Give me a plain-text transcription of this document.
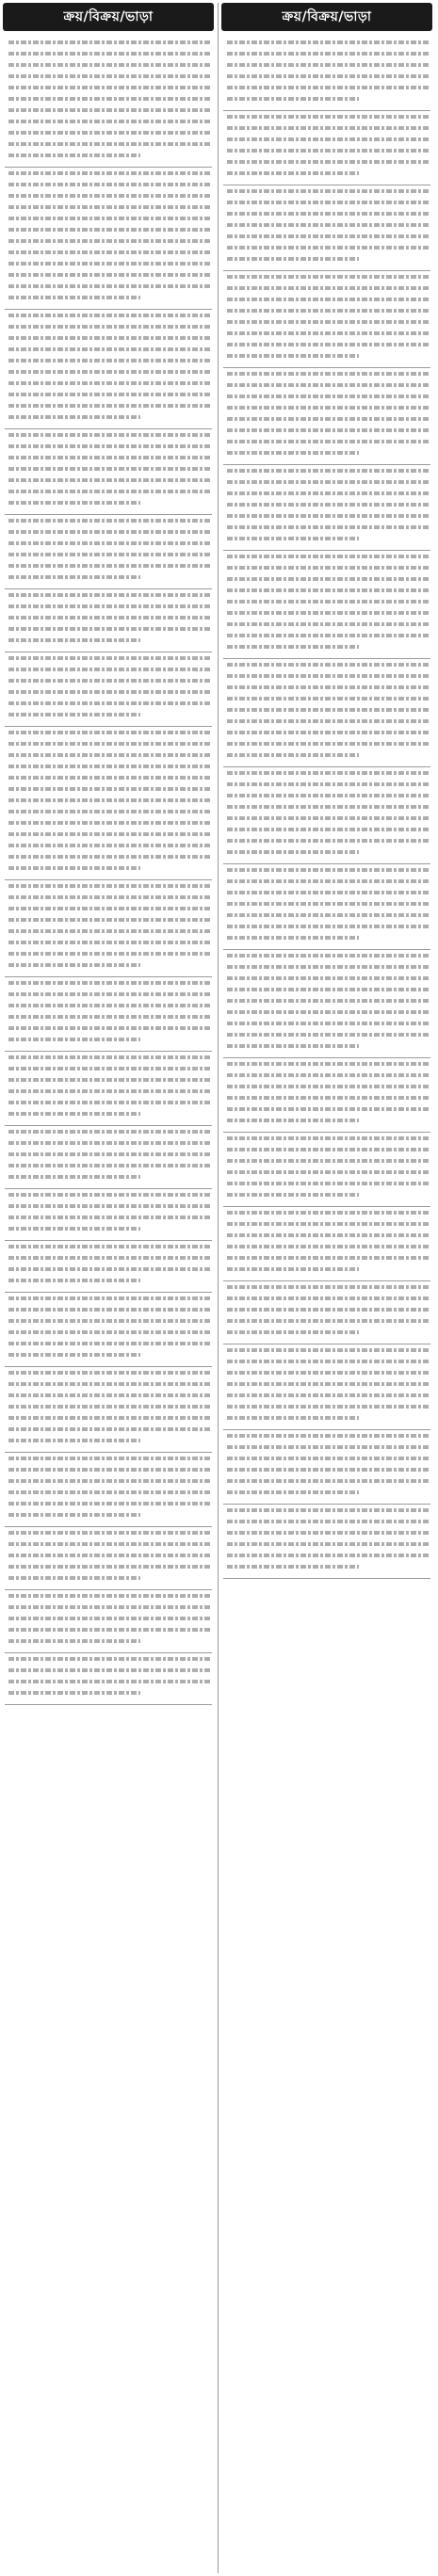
ক্রয়/বিক্রয়/ভাড়া	ক্রয়/বিক্রয়/ভাড়া
